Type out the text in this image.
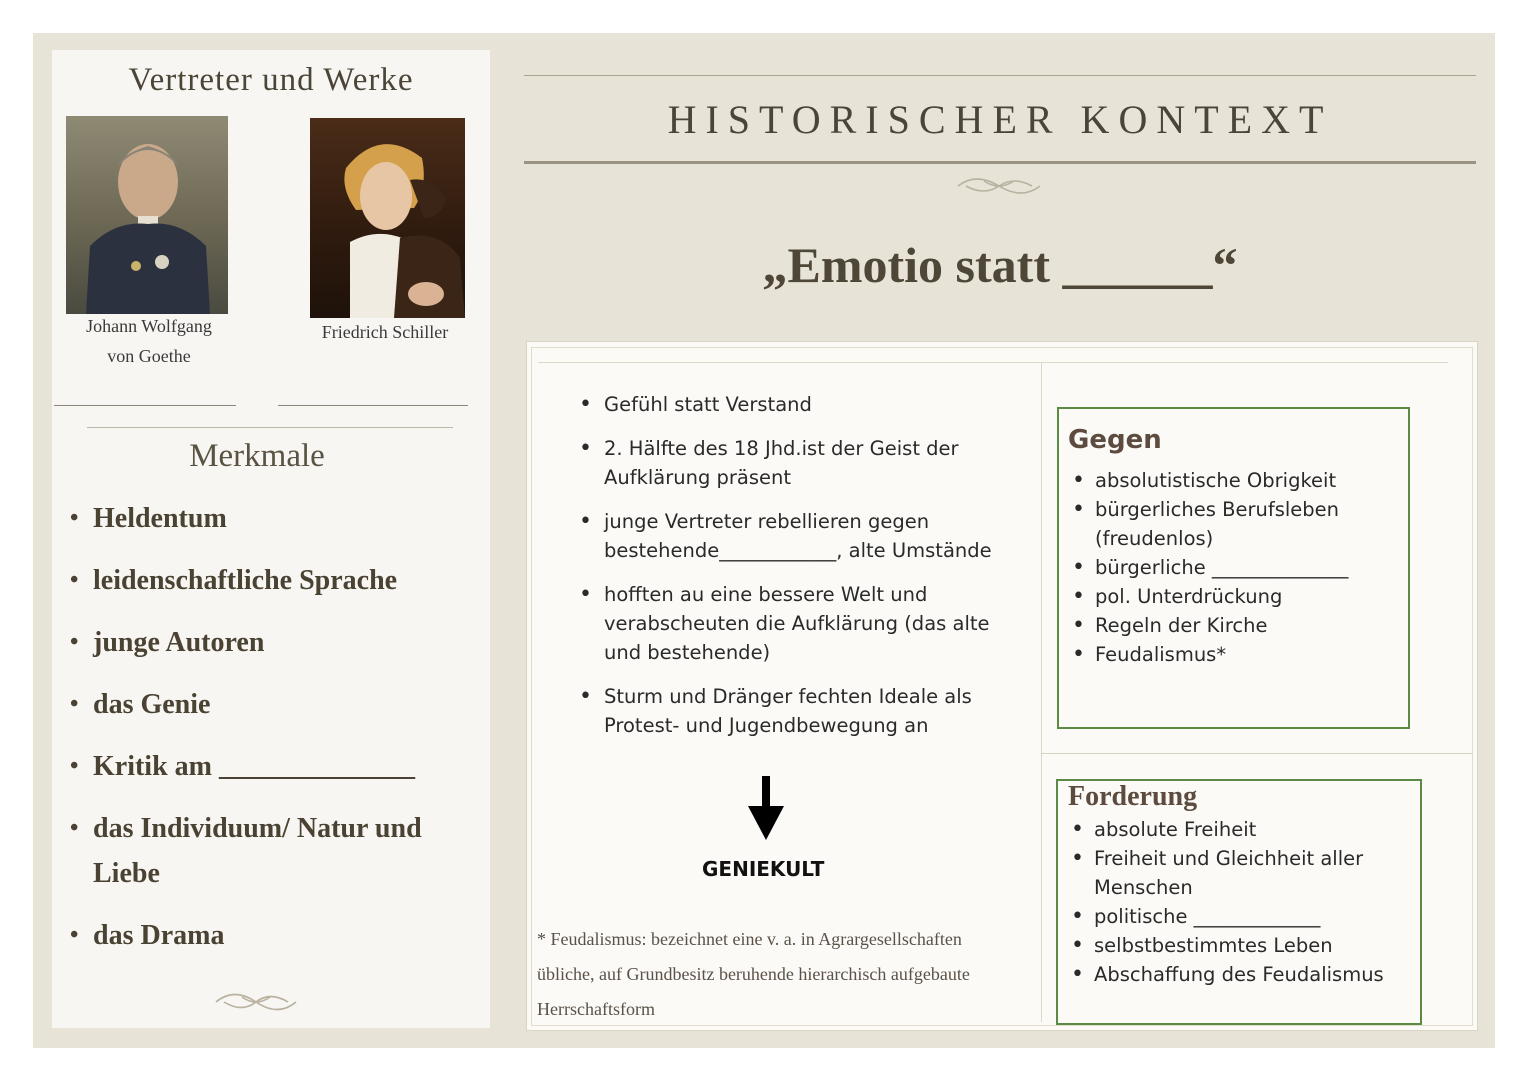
Vertreter und Werke
Johann Wolfgang
von Goethe
Friedrich Schiller
Merkmale
• Heldentum
• leidenschaftliche Sprache
• junge Autoren
• das Genie
• Kritik am ______________
• das Individuum/ Natur und Liebe
• das Drama
HISTORISCHER KONTEXT
„Emotio statt ______“
• Gefühl statt Verstand
• 2. Hälfte des 18 Jhd.ist der Geist der Aufklärung präsent
• junge Vertreter rebellieren gegen bestehende____________, alte Umstände
• hofften au eine bessere Welt und verabscheuten die Aufklärung (das alte und bestehende)
• Sturm und Dränger fechten Ideale als Protest- und Jugendbewegung an
GENIEKULT
* Feudalismus: bezeichnet eine v. a. in Agrargesellschaften übliche, auf Grundbesitz beruhende hierarchisch aufgebaute Herrschaftsform
Gegen
• absolutistische Obrigkeit
• bürgerliches Berufsleben (freudenlos)
• bürgerliche ______________
• pol. Unterdrückung
• Regeln der Kirche
• Feudalismus*
Forderung
• absolute Freiheit
• Freiheit und Gleichheit aller Menschen
• politische _____________
• selbstbestimmtes Leben
• Abschaffung des Feudalismus
